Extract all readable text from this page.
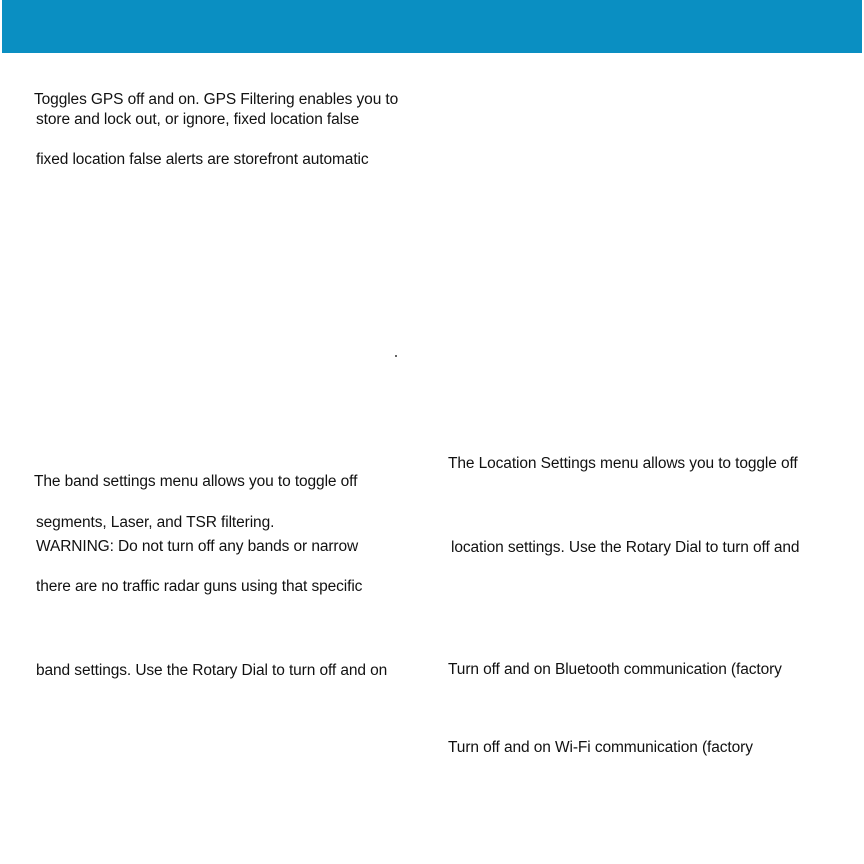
Toggles GPS off and on. GPS Filtering enables you to

store and lock out, or ignore, fixed location false

fixed location false alerts are storefront automatic

The band settings menu allows you to toggle off

segments, Laser, and TSR filtering.

WARNING: Do not turn off any bands or narrow

there are no traffic radar guns using that specific

band settings. Use the Rotary Dial to turn off and on

The Location Settings menu allows you to toggle off

location settings. Use the Rotary Dial to turn off and

Turn off and on Bluetooth communication (factory

Turn off and on Wi-Fi communication (factory
